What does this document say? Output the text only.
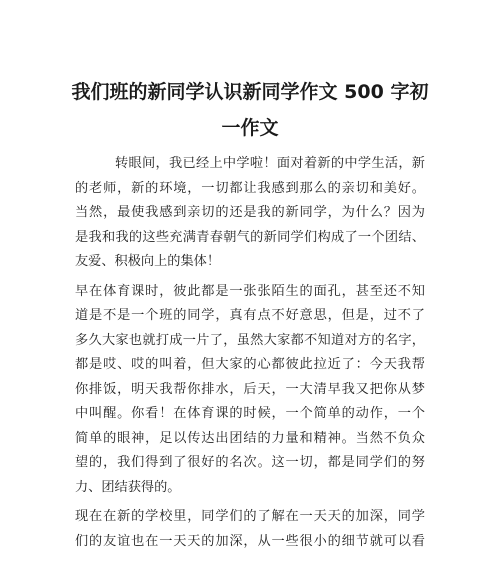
我们班的新同学认识新同学作文 500 字初
一作文
转眼间，我已经上中学啦！面对着新的中学生活，新
的老师，新的环境，一切都让我感到那么的亲切和美好。
当然，最使我感到亲切的还是我的新同学，为什么？因为
是我和我的这些充满青春朝气的新同学们构成了一个团结、
友爱、积极向上的集体！
早在体育课时，彼此都是一张张陌生的面孔，甚至还不知
道是不是一个班的同学，真有点不好意思，但是，过不了
多久大家也就打成一片了，虽然大家都不知道对方的名字，
都是哎、哎的叫着，但大家的心都彼此拉近了：今天我帮
你排饭，明天我帮你排水，后天，一大清早我又把你从梦
中叫醒。你看！在体育课的时候，一个简单的动作，一个
简单的眼神，足以传达出团结的力量和精神。当然不负众
望的，我们得到了很好的名次。这一切，都是同学们的努
力、团结获得的。
现在在新的学校里，同学们的了解在一天天的加深，同学
们的友谊也在一天天的加深，从一些很小的细节就可以看
